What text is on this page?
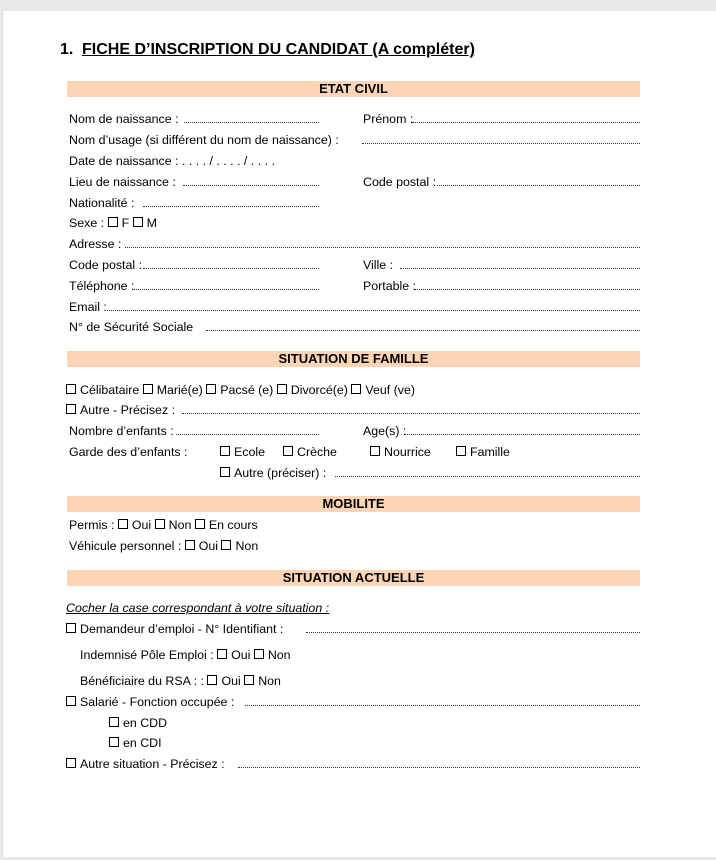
1. FICHE D’INSCRIPTION DU CANDIDAT (A compléter)
ETAT CIVIL
Nom de naissance :	Prénom :
Nom d’usage (si différent du nom de naissance) :
Date de naissance : . . . . / . . . . / . . . .
Lieu de naissance :	Code postal :
Nationalité :
Sexe : F M
Adresse :
Code postal :	Ville :
Téléphone :	Portable :
Email :
N° de Sécurité Sociale
SITUATION DE FAMILLE
Célibataire Marié(e) Pacsé (e) Divorcé(e) Veuf (ve)
Autre - Précisez :
Nombre d’enfants :	Age(s) :
Garde des d’enfants :	Ecole	Crèche	Nourrice	Famille
Autre (préciser) :
MOBILITE
Permis : Oui Non En cours
Véhicule personnel : Oui Non
SITUATION ACTUELLE
Cocher la case correspondant à votre situation :
Demandeur d’emploi - N° Identifiant :
Indemnisé Pôle Emploi : Oui Non
Bénéficiaire du RSA : : Oui Non
Salarié - Fonction occupée :
en CDD
en CDI
Autre situation - Précisez :
